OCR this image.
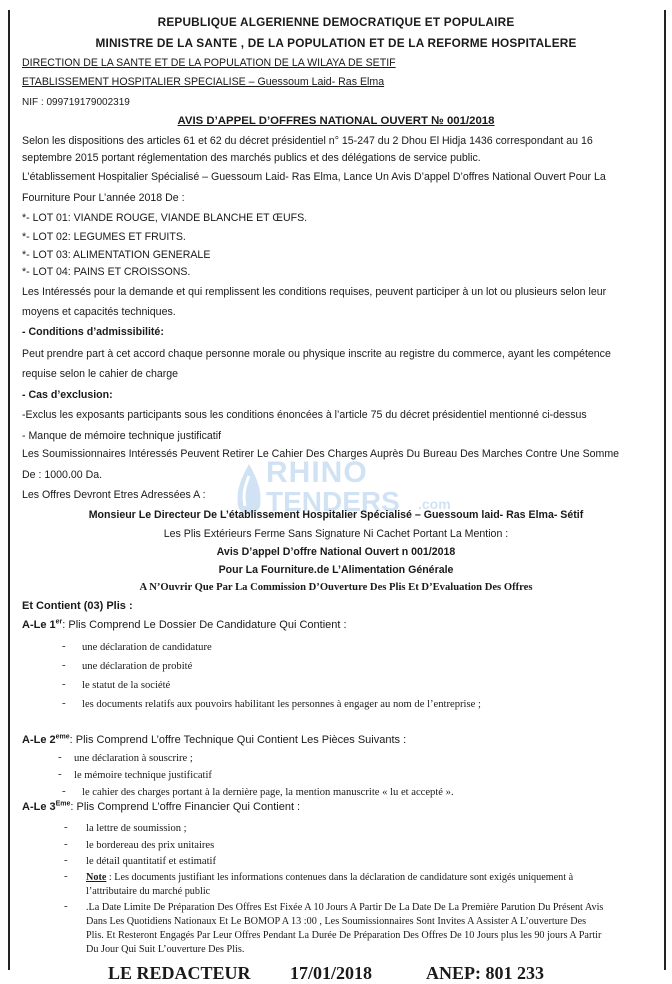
RHINO
TENDERS .com
REPUBLIQUE ALGERIENNE DEMOCRATIQUE ET POPULAIRE
MINISTRE DE LA SANTE , DE LA POPULATION ET DE LA REFORME HOSPITALERE
DIRECTION DE LA SANTE ET DE LA POPULATION DE LA WILAYA DE SETIF
ETABLISSEMENT HOSPITALIER SPECIALISE – Guessoum Laid- Ras Elma
NIF : 099719179002319
AVIS D’APPEL D’OFFRES NATIONAL OUVERT № 001/2018
Selon les dispositions des articles 61 et 62 du décret présidentiel n° 15-247 du 2 Dhou El Hidja 1436 correspondant au 16
septembre 2015 portant réglementation des marchés publics et des délégations de service public.
L’établissement Hospitalier Spécialisé – Guessoum Laid- Ras Elma, Lance Un Avis D’appel D’offres National Ouvert Pour La
Fourniture Pour L’année 2018 De :
*- LOT 01: VIANDE ROUGE, VIANDE BLANCHE ET ŒUFS.
*- LOT 02: LEGUMES ET FRUITS.
*- LOT 03: ALIMENTATION GENERALE
*- LOT 04: PAINS ET CROISSONS.
Les Intéressés pour la demande et qui remplissent les conditions requises, peuvent participer à un lot ou plusieurs selon leur
moyens et capacités techniques.
- Conditions d’admissibilité:
Peut prendre part à cet accord chaque personne morale ou physique inscrite au registre du commerce, ayant les compétence
requise selon le cahier de charge
- Cas d’exclusion:
-Exclus les exposants participants sous les conditions énoncées à l’article 75 du décret présidentiel mentionné ci-dessus
- Manque de mémoire technique justificatif
Les Soumissionnaires Intéressés Peuvent Retirer Le Cahier Des Charges Auprès Du Bureau Des Marches Contre Une Somme
De : 1000.00 Da.
Les Offres Devront Etres Adressées A :
Monsieur Le Directeur De L’établissement Hospitalier Spécialisé – Guessoum laid- Ras Elma- Sétif
Les Plis Extérieurs Ferme Sans Signature Ni Cachet Portant La Mention :
Avis D’appel D’offre National Ouvert n 001/2018
Pour La Fourniture.de L’Alimentation Générale
A N’Ouvrir Que Par La Commission D’Ouverture Des Plis Et D’Evaluation Des Offres
Et Contient (03) Plis :
A-Le 1er: Plis Comprend Le Dossier De Candidature Qui Contient :
- une déclaration de candidature
- une déclaration de probité
- le statut de la société
- les documents relatifs aux pouvoirs habilitant les personnes à engager au nom de l’entreprise ;
A-Le 2eme: Plis Comprend L’offre Technique Qui Contient Les Pièces Suivants :
- une déclaration à souscrire ;
- le mémoire technique justificatif
- le cahier des charges portant à la dernière page, la mention manuscrite « lu et accepté ».
A-Le 3Eme: Plis Comprend L’offre Financier Qui Contient :
- la lettre de soumission ;
- le bordereau des prix unitaires
- le détail quantitatif et estimatif
- Note : Les documents justifiant les informations contenues dans la déclaration de candidature sont exigés uniquement à
l’attributaire du marché public
- .La Date Limite De Préparation Des Offres Est Fixée A 10 Jours A Partir De La Date De La Première Parution Du Présent Avis
Dans Les Quotidiens Nationaux Et Le BOMOP A 13 :00 , Les Soumissionnaires Sont Invites A Assister A L’ouverture Des
Plis. Et Resteront Engagés Par Leur Offres Pendant La Durée De Préparation Des Offres De 10 Jours plus les 90 jours A Partir
Du Jour Qui Suit L’ouverture Des Plis.
LE REDACTEUR 17/01/2018	ANEP: 801 233
